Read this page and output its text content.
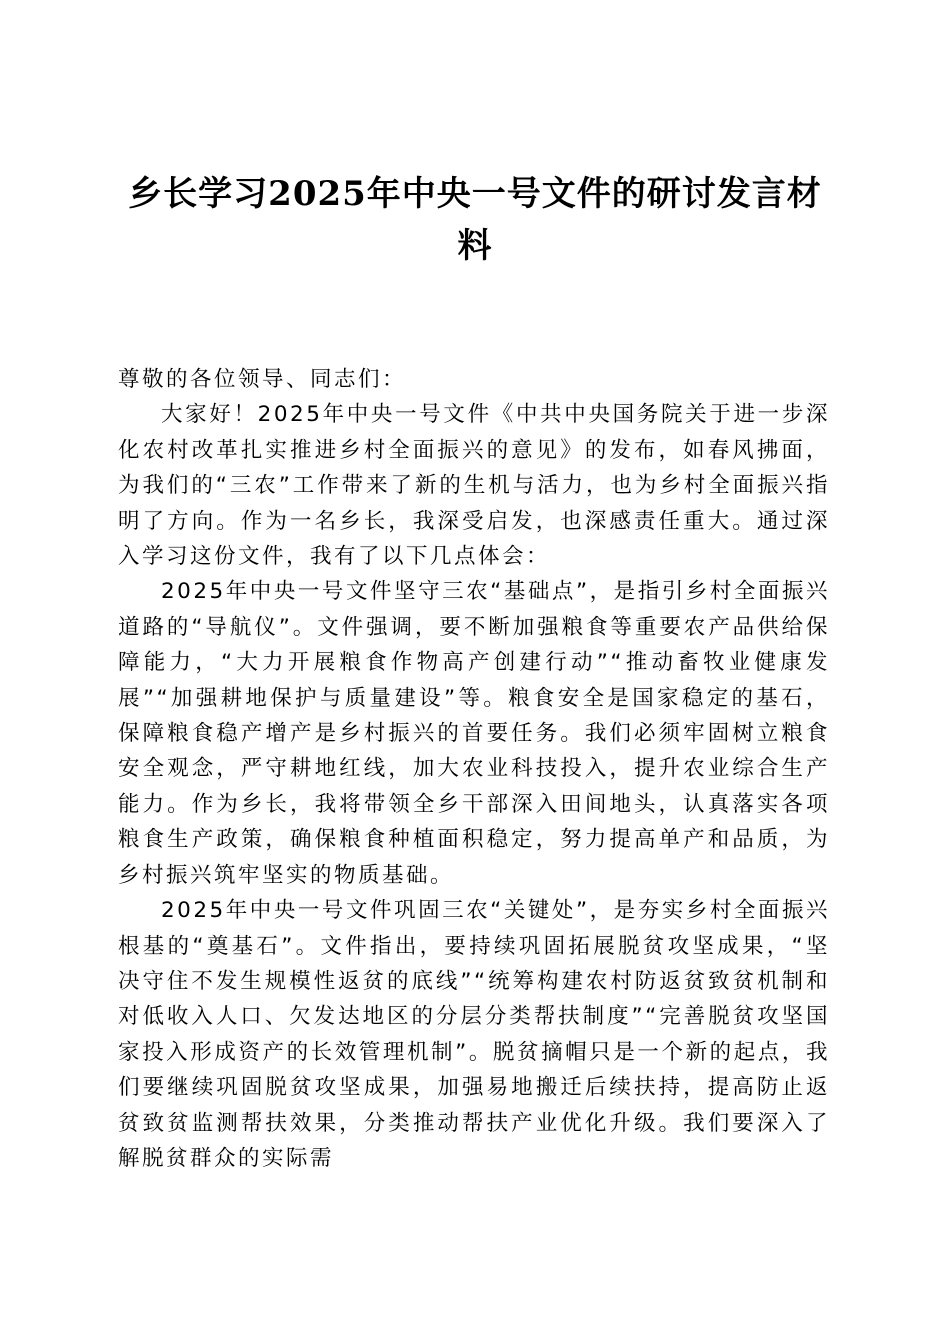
乡长学习2025年中央一号文件的研讨发言材料

尊敬的各位领导、同志们：

大家好！2025年中央一号文件《中共中央国务院关于进一步深化农村改革扎实推进乡村全面振兴的意见》的发布，如春风拂面，为我们的“三农”工作带来了新的生机与活力，也为乡村全面振兴指明了方向。作为一名乡长，我深受启发，也深感责任重大。通过深入学习这份文件，我有了以下几点体会：

2025年中央一号文件坚守三农“基础点”，是指引乡村全面振兴道路的“导航仪”。文件强调，要不断加强粮食等重要农产品供给保障能力，“大力开展粮食作物高产创建行动”“推动畜牧业健康发展”“加强耕地保护与质量建设”等。粮食安全是国家稳定的基石，保障粮食稳产增产是乡村振兴的首要任务。我们必须牢固树立粮食安全观念，严守耕地红线，加大农业科技投入，提升农业综合生产能力。作为乡长，我将带领全乡干部深入田间地头，认真落实各项粮食生产政策，确保粮食种植面积稳定，努力提高单产和品质，为乡村振兴筑牢坚实的物质基础。

2025年中央一号文件巩固三农“关键处”，是夯实乡村全面振兴根基的“奠基石”。文件指出，要持续巩固拓展脱贫攻坚成果，“坚决守住不发生规模性返贫的底线”“统筹构建农村防返贫致贫机制和对低收入人口、欠发达地区的分层分类帮扶制度”“完善脱贫攻坚国家投入形成资产的长效管理机制”。脱贫摘帽只是一个新的起点，我们要继续巩固脱贫攻坚成果，加强易地搬迁后续扶持，提高防止返贫致贫监测帮扶效果，分类推动帮扶产业优化升级。我们要深入了解脱贫群众的实际需
